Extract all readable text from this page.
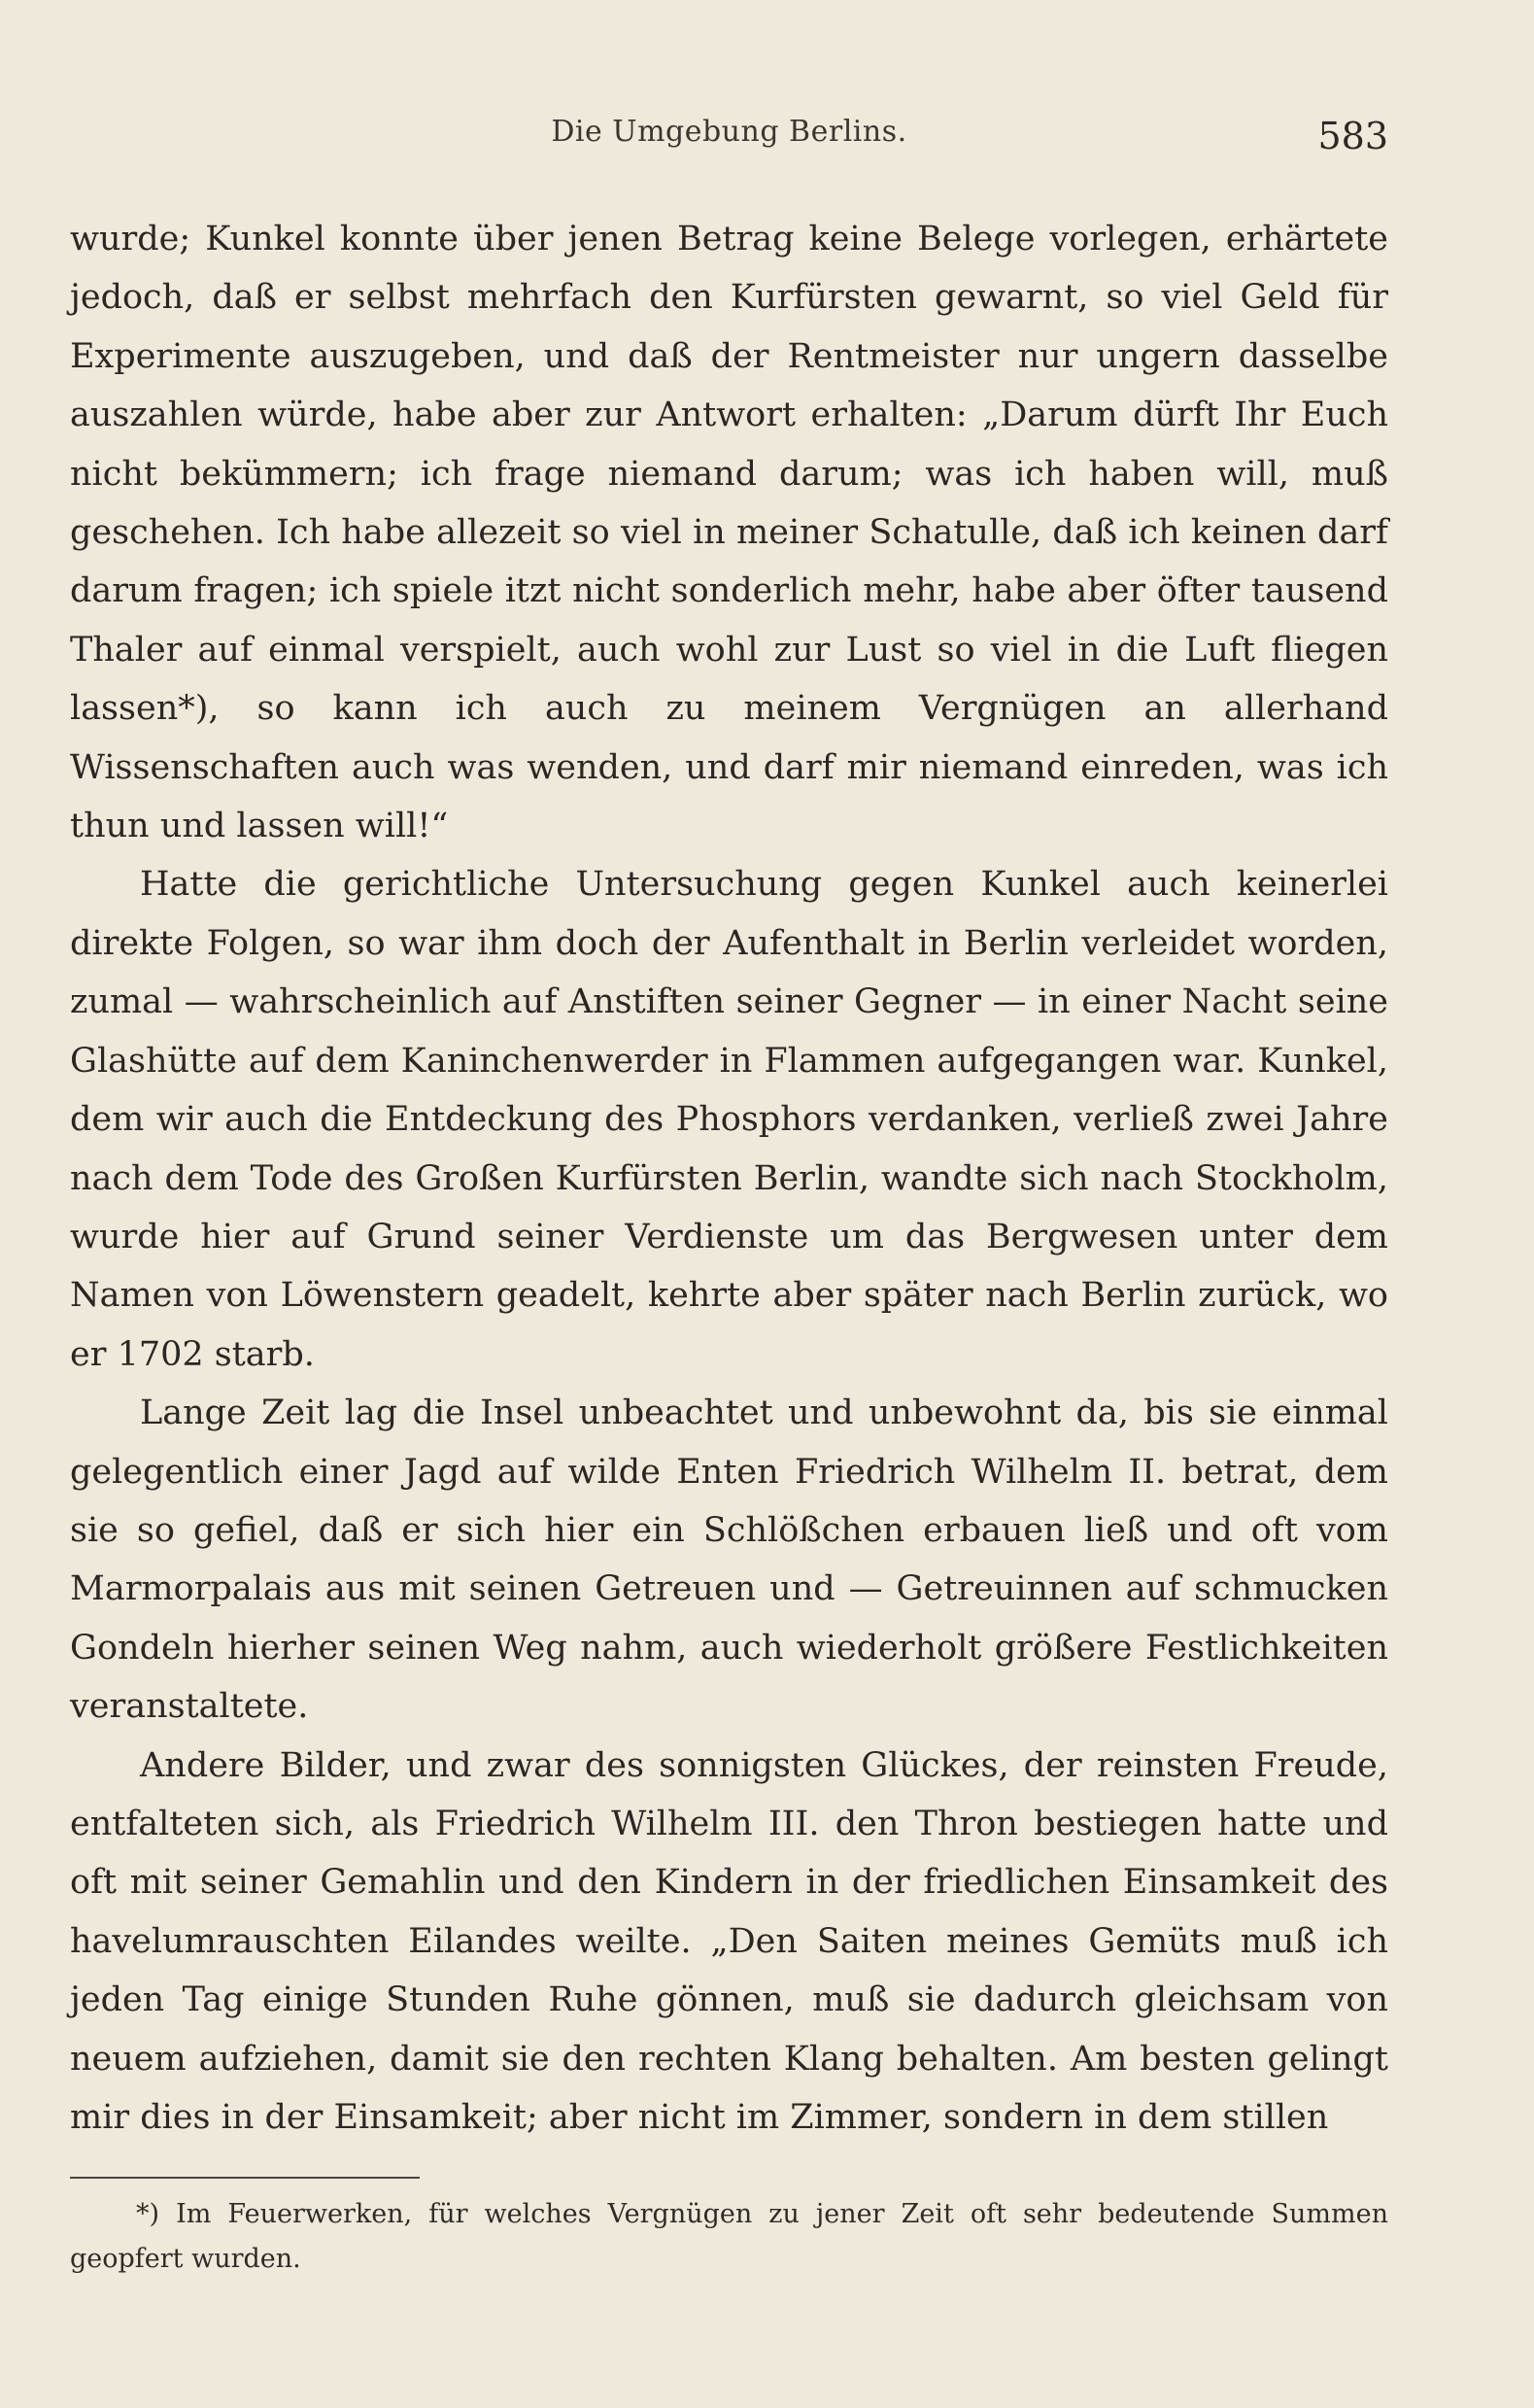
Die Umgebung Berlins.	583

wurde; Kunkel konnte über jenen Betrag keine Belege vorlegen, erhärtete jedoch, daß er selbst mehrfach den Kurfürsten gewarnt, so viel Geld für Experimente auszugeben, und daß der Rentmeister nur ungern dasselbe auszahlen würde, habe aber zur Antwort erhalten: „Darum dürft Ihr Euch nicht bekümmern; ich frage niemand darum; was ich haben will, muß geschehen. Ich habe allezeit so viel in meiner Schatulle, daß ich keinen darf darum fragen; ich spiele itzt nicht sonderlich mehr, habe aber öfter tausend Thaler auf einmal verspielt, auch wohl zur Lust so viel in die Luft fliegen lassen*), so kann ich auch zu meinem Vergnügen an allerhand Wissenschaften auch was wenden, und darf mir niemand einreden, was ich thun und lassen will!“

Hatte die gerichtliche Untersuchung gegen Kunkel auch keinerlei direkte Folgen, so war ihm doch der Aufenthalt in Berlin verleidet worden, zumal — wahrscheinlich auf Anstiften seiner Gegner — in einer Nacht seine Glashütte auf dem Kaninchenwerder in Flammen aufgegangen war. Kunkel, dem wir auch die Entdeckung des Phosphors verdanken, verließ zwei Jahre nach dem Tode des Großen Kurfürsten Berlin, wandte sich nach Stockholm, wurde hier auf Grund seiner Verdienste um das Bergwesen unter dem Namen von Löwenstern geadelt, kehrte aber später nach Berlin zurück, wo er 1702 starb.

Lange Zeit lag die Insel unbeachtet und unbewohnt da, bis sie einmal gelegentlich einer Jagd auf wilde Enten Friedrich Wilhelm II. betrat, dem sie so gefiel, daß er sich hier ein Schlößchen erbauen ließ und oft vom Marmorpalais aus mit seinen Getreuen und — Getreuinnen auf schmucken Gondeln hierher seinen Weg nahm, auch wiederholt größere Festlichkeiten veranstaltete.

Andere Bilder, und zwar des sonnigsten Glückes, der reinsten Freude, entfalteten sich, als Friedrich Wilhelm III. den Thron bestiegen hatte und oft mit seiner Gemahlin und den Kindern in der friedlichen Einsamkeit des havelumrauschten Eilandes weilte. „Den Saiten meines Gemüts muß ich jeden Tag einige Stunden Ruhe gönnen, muß sie dadurch gleichsam von neuem aufziehen, damit sie den rechten Klang behalten. Am besten gelingt mir dies in der Einsamkeit; aber nicht im Zimmer, sondern in dem stillen

*) Im Feuerwerken, für welches Vergnügen zu jener Zeit oft sehr bedeutende Summen geopfert wurden.
